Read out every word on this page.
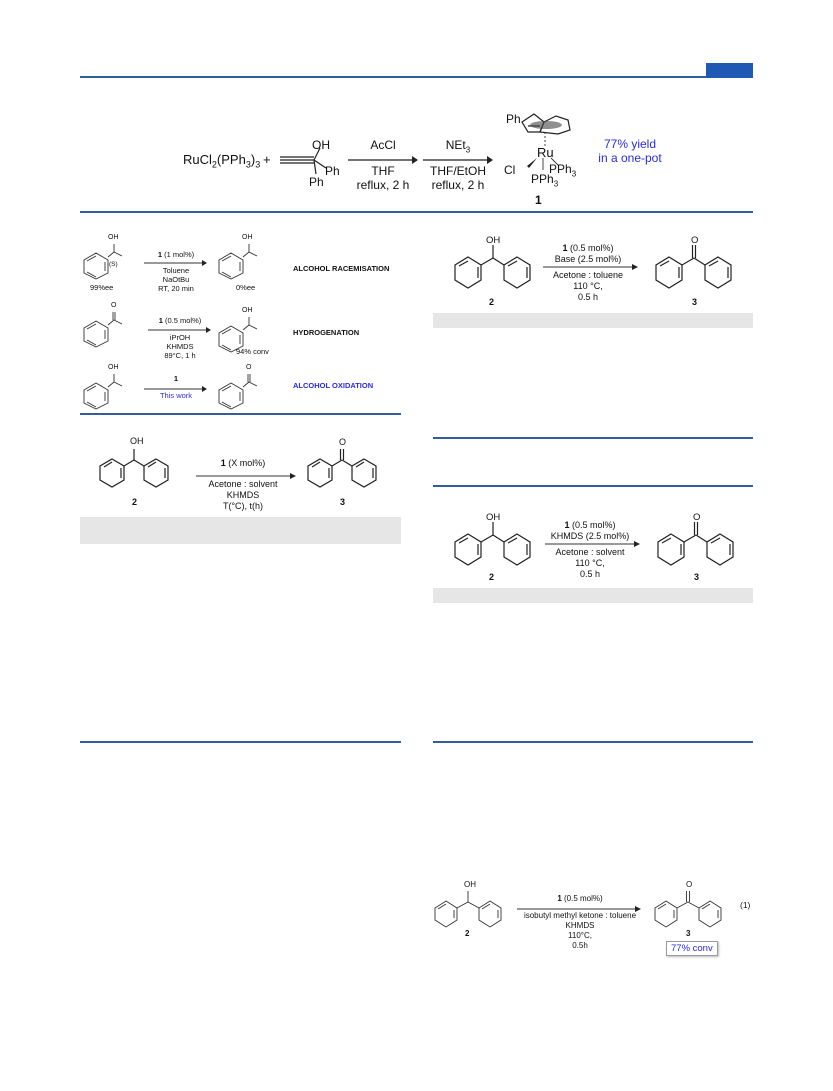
$RuCl_2(PPh_3)_3$ +
OH
Ph
Ph
AcCl
THF
reflux, 2 h
NEt$_3$
THF/EtOH
reflux, 2 h
Ph
Ru
Cl	PPh$_3$
PPh$_3$
1
77% yield
in a one-pot
OH
(S)
99%ee
1 (1 mol%)
Toluene
NaOtBu
RT, 20 min
OH
0%ee
ALCOHOL RACEMISATION
O
1 (0.5 mol%)
iPrOH
KHMDS
89°C, 1 h
OH
94% conv
HYDROGENATION
OH
1
This work
O
ALCOHOL OXIDATION
OH
2
1 (X mol%)
Acetone : solvent
KHMDS
T(°C), t(h)
O
3
OH
2
1 (0.5 mol%)
Base (2.5 mol%)
Acetone : toluene
110 °C,
0.5 h
O
3
OH
2
1 (0.5 mol%)
KHMDS (2.5 mol%)
Acetone : solvent
110 °C,
0.5 h
O
3
OH
2
1 (0.5 mol%)
isobutyl methyl ketone : toluene
KHMDS
110°C,
0.5h
O
3
77% conv
(1)
